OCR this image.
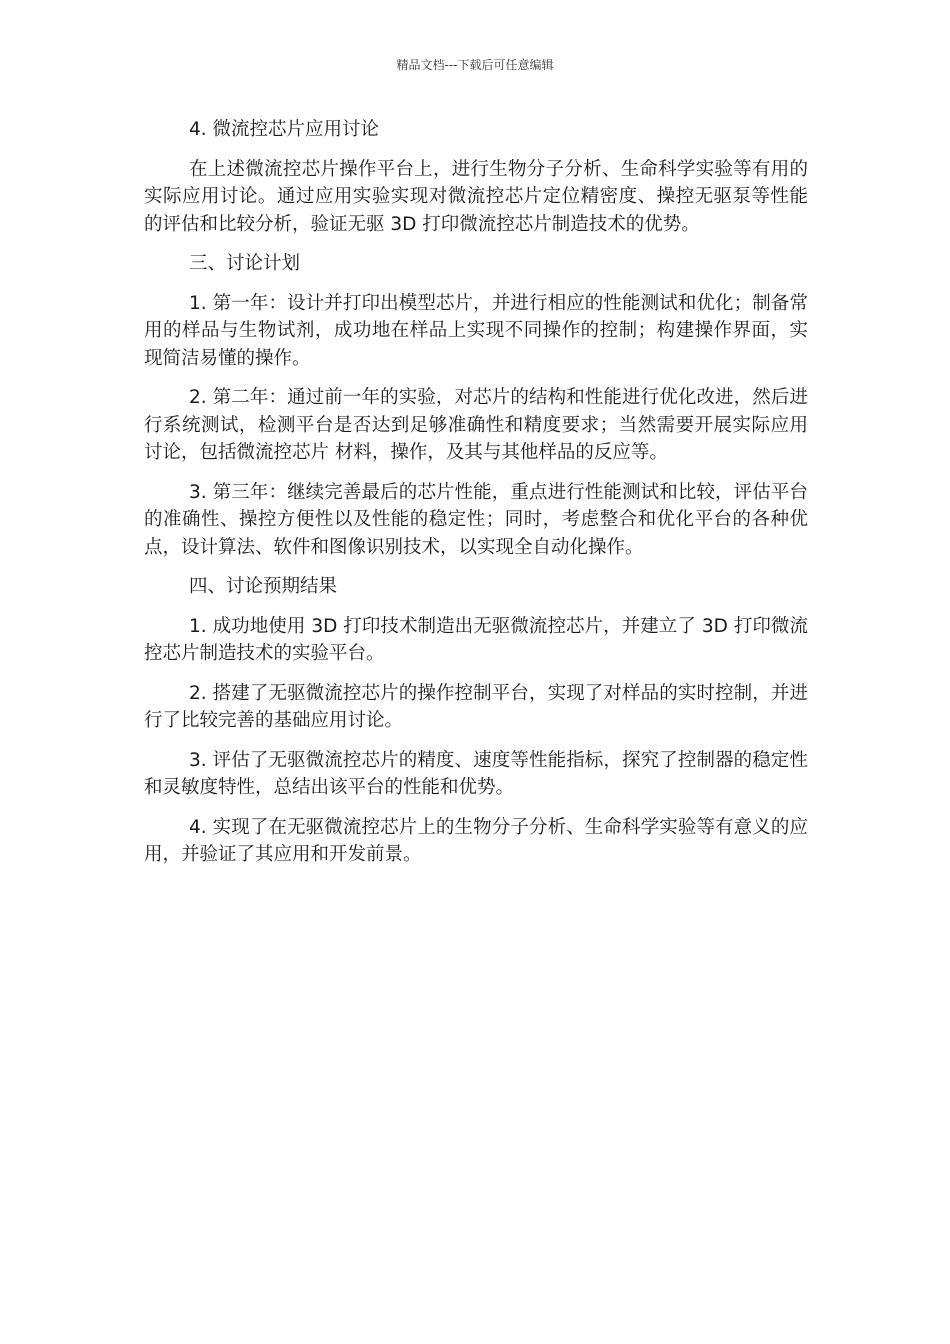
精品文档---下载后可任意编辑

4. 微流控芯片应用讨论

在上述微流控芯片操作平台上，进行生物分子分析、生命科学实验等有用的实际应用讨论。通过应用实验实现对微流控芯片定位精密度、操控无驱泵等性能的评估和比较分析，验证无驱 3D 打印微流控芯片制造技术的优势。

三、讨论计划

1. 第一年：设计并打印出模型芯片，并进行相应的性能测试和优化；制备常用的样品与生物试剂，成功地在样品上实现不同操作的控制；构建操作界面，实现简洁易懂的操作。

2. 第二年：通过前一年的实验，对芯片的结构和性能进行优化改进，然后进行系统测试，检测平台是否达到足够准确性和精度要求；当然需要开展实际应用讨论，包括微流控芯片 材料，操作，及其与其他样品的反应等。

3. 第三年：继续完善最后的芯片性能，重点进行性能测试和比较，评估平台的准确性、操控方便性以及性能的稳定性；同时，考虑整合和优化平台的各种优点，设计算法、软件和图像识别技术，以实现全自动化操作。

四、讨论预期结果

1. 成功地使用 3D 打印技术制造出无驱微流控芯片，并建立了 3D 打印微流控芯片制造技术的实验平台。

2. 搭建了无驱微流控芯片的操作控制平台，实现了对样品的实时控制，并进行了比较完善的基础应用讨论。

3. 评估了无驱微流控芯片的精度、速度等性能指标，探究了控制器的稳定性和灵敏度特性，总结出该平台的性能和优势。

4. 实现了在无驱微流控芯片上的生物分子分析、生命科学实验等有意义的应用，并验证了其应用和开发前景。
